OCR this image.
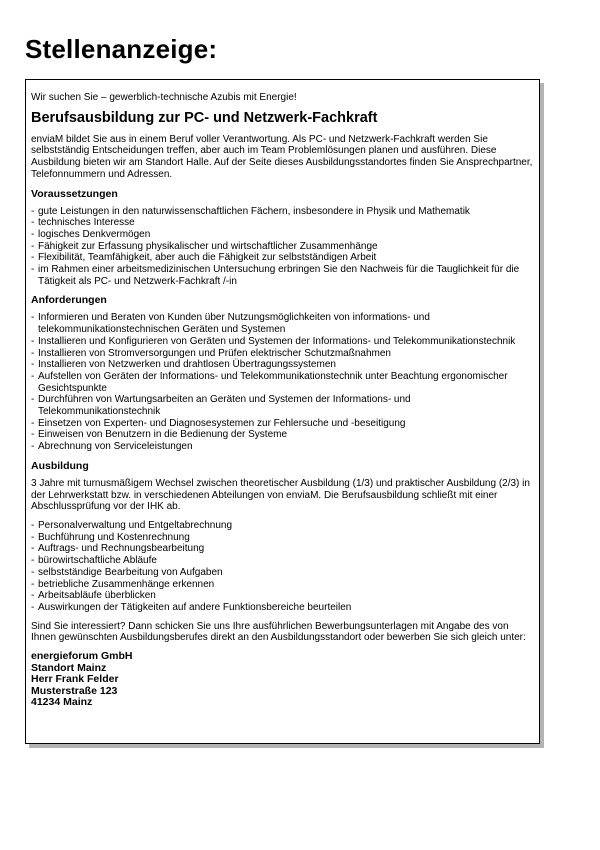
Stellenanzeige:

Wir suchen Sie – gewerblich-technische Azubis mit Energie!

Berufsausbildung zur PC- und Netzwerk-Fachkraft

enviaM bildet Sie aus in einem Beruf voller Verantwortung. Als PC- und Netzwerk-Fachkraft werden Sie selbstständig Entscheidungen treffen, aber auch im Team Problemlösungen planen und ausführen. Diese Ausbildung bieten wir am Standort Halle. Auf der Seite dieses Ausbildungsstandortes finden Sie Ansprechpartner, Telefonnummern und Adressen.

Voraussetzungen
- gute Leistungen in den naturwissenschaftlichen Fächern, insbesondere in Physik und Mathematik
- technisches Interesse
- logisches Denkvermögen
- Fähigkeit zur Erfassung physikalischer und wirtschaftlicher Zusammenhänge
- Flexibilität, Teamfähigkeit, aber auch die Fähigkeit zur selbstständigen Arbeit
- im Rahmen einer arbeitsmedizinischen Untersuchung erbringen Sie den Nachweis für die Tauglichkeit für die Tätigkeit als PC- und Netzwerk-Fachkraft /-in
Anforderungen
- Informieren und Beraten von Kunden über Nutzungsmöglichkeiten von informations- und telekommunikationstechnischen Geräten und Systemen
- Installieren und Konfigurieren von Geräten und Systemen der Informations- und Telekommunikationstechnik
- Installieren von Stromversorgungen und Prüfen elektrischer Schutzmaßnahmen
- Installieren von Netzwerken und drahtlosen Übertragungssystemen
- Aufstellen von Geräten der Informations- und Telekommunikationstechnik unter Beachtung ergonomischer Gesichtspunkte
- Durchführen von Wartungsarbeiten an Geräten und Systemen der Informations- und Telekommunikationstechnik
- Einsetzen von Experten- und Diagnosesystemen zur Fehlersuche und -beseitigung
- Einweisen von Benutzern in die Bedienung der Systeme
- Abrechnung von Serviceleistungen
Ausbildung

3 Jahre mit turnusmäßigem Wechsel zwischen theoretischer Ausbildung (1/3) und praktischer Ausbildung (2/3) in der Lehrwerkstatt bzw. in verschiedenen Abteilungen von enviaM. Die Berufsausbildung schließt mit einer Abschlussprüfung vor der IHK ab.

- Personalverwaltung und Entgeltabrechnung
- Buchführung und Kostenrechnung
- Auftrags- und Rechnungsbearbeitung
- bürowirtschaftliche Abläufe
- selbstständige Bearbeitung von Aufgaben
- betriebliche Zusammenhänge erkennen
- Arbeitsabläufe überblicken
- Auswirkungen der Tätigkeiten auf andere Funktionsbereiche beurteilen

Sind Sie interessiert? Dann schicken Sie uns Ihre ausführlichen Bewerbungsunterlagen mit Angabe des von Ihnen gewünschten Ausbildungsberufes direkt an den Ausbildungsstandort oder bewerben Sie sich gleich unter:

energieforum GmbH
Standort Mainz
Herr Frank Felder
Musterstraße 123
41234 Mainz
